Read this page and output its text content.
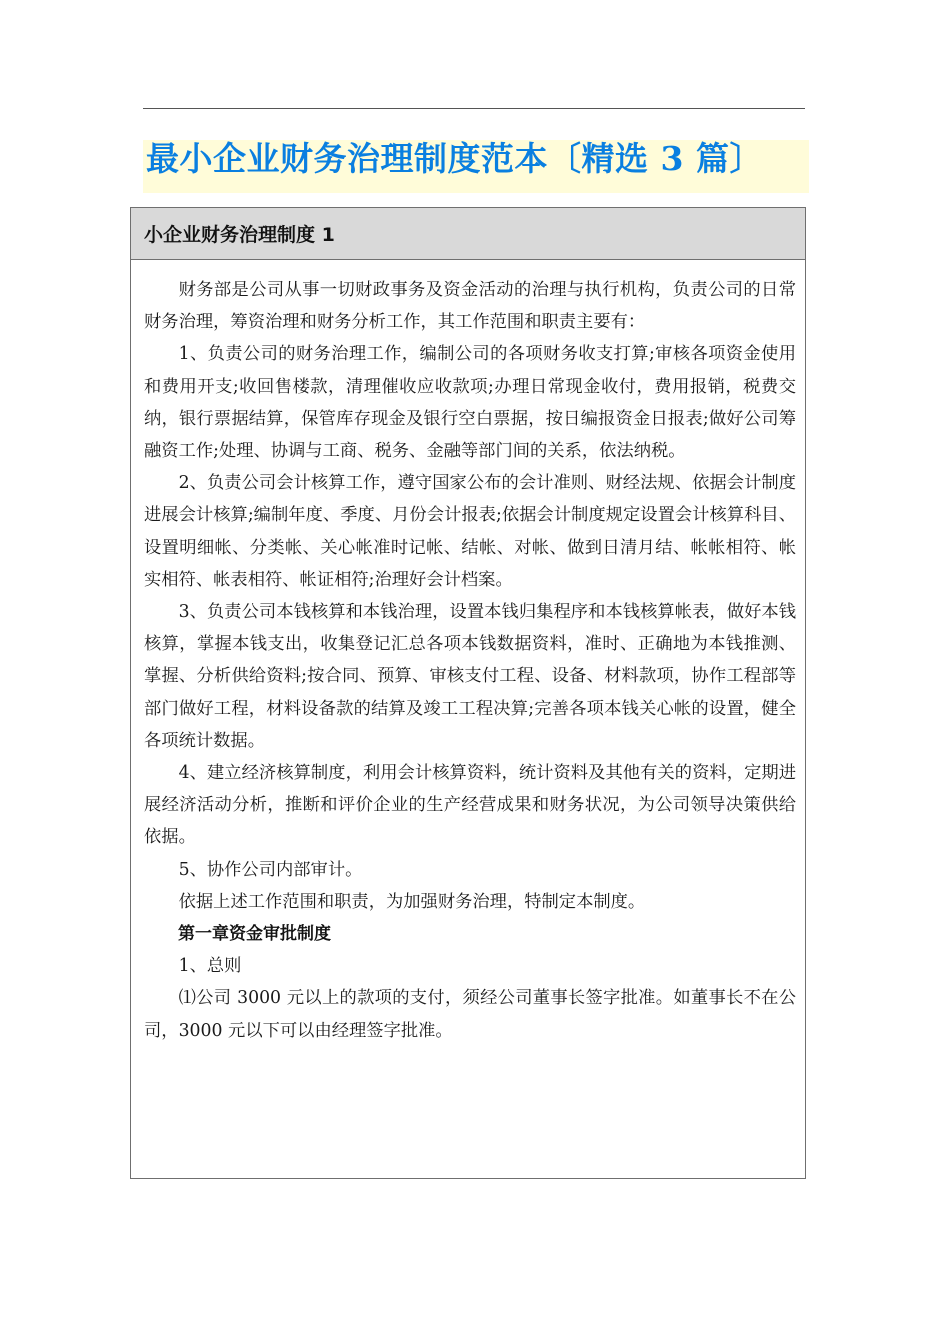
最小企业财务治理制度范本〔精选 3 篇〕
小企业财务治理制度 1

财务部是公司从事一切财政事务及资金活动的治理与执行机构，负责公司的日常财务治理，筹资治理和财务分析工作，其工作范围和职责主要有：

1、负责公司的财务治理工作，编制公司的各项财务收支打算;审核各项资金使用和费用开支;收回售楼款，清理催收应收款项;办理日常现金收付，费用报销，税费交纳，银行票据结算，保管库存现金及银行空白票据，按日编报资金日报表;做好公司筹融资工作;处理、协调与工商、税务、金融等部门间的关系，依法纳税。

2、负责公司会计核算工作，遵守国家公布的会计准则、财经法规、依据会计制度进展会计核算;编制年度、季度、月份会计报表;依据会计制度规定设置会计核算科目、设置明细帐、分类帐、关心帐准时记帐、结帐、对帐、做到日清月结、帐帐相符、帐实相符、帐表相符、帐证相符;治理好会计档案。

3、负责公司本钱核算和本钱治理，设置本钱归集程序和本钱核算帐表，做好本钱核算，掌握本钱支出，收集登记汇总各项本钱数据资料，准时、正确地为本钱推测、掌握、分析供给资料;按合同、预算、审核支付工程、设备、材料款项，协作工程部等部门做好工程，材料设备款的结算及竣工工程决算;完善各项本钱关心帐的设置，健全各项统计数据。

4、建立经济核算制度，利用会计核算资料，统计资料及其他有关的资料，定期进展经济活动分析，推断和评价企业的生产经营成果和财务状况，为公司领导决策供给依据。

5、协作公司内部审计。

依据上述工作范围和职责，为加强财务治理，特制定本制度。

第一章资金审批制度

1、总则

⑴公司 3000 元以上的款项的支付，须经公司董事长签字批准。如董事长不在公司，3000 元以下可以由经理签字批准。
